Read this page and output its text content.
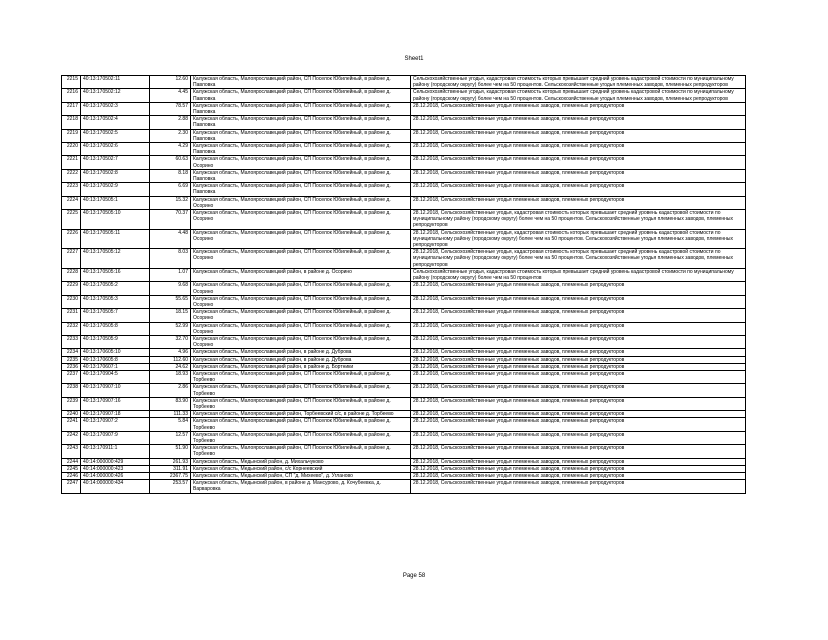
Sheet1
2215	40:13:170502:11	12.60	Калужская область, Малоярославецкий район, СП Поселок Юбилейный, в районе д. Павловка	Сельскохозяйственные угодья, кадастровая стоимость которых превышает средний уровень кадастровой стоимости по муниципальному району (городскому округу) более чем на 50 процентов. Сельскохозяйственные угодья племенных заводов, племенных репродукторов
2216	40:13:170502:12	4.45	Калужская область, Малоярославецкий район, СП Поселок Юбилейный, в районе д. Павловка	Сельскохозяйственные угодья, кадастровая стоимость которых превышает средний уровень кадастровой стоимости по муниципальному району (городскому округу) более чем на 50 процентов. Сельскохозяйственные угодья племенных заводов, племенных репродукторов
2217	40:13:170502:3	78.57	Калужская область, Малоярославецкий район, СП Поселок Юбилейный, в районе д. Павловка	28.12.2018, Сельскохозяйственные угодья племенных заводов, племенных репродукторов
2218	40:13:170502:4	2.88	Калужская область, Малоярославецкий район, СП Поселок Юбилейный, в районе д. Павловка	28.12.2018, Сельскохозяйственные угодья племенных заводов, племенных репродукторов
2219	40:13:170502:5	2.30	Калужская область, Малоярославецкий район, СП Поселок Юбилейный, в районе д. Павловка	28.12.2018, Сельскохозяйственные угодья племенных заводов, племенных репродукторов
2220	40:13:170502:6	4.29	Калужская область, Малоярославецкий район, СП Поселок Юбилейный, в районе д. Павловка	28.12.2018, Сельскохозяйственные угодья племенных заводов, племенных репродукторов
2221	40:13:170502:7	60.63	Калужская область, Малоярославецкий район, СП Поселок Юбилейный, в районе д. Осорино	28.12.2018, Сельскохозяйственные угодья племенных заводов, племенных репродукторов
2222	40:13:170502:8	8.18	Калужская область, Малоярославецкий район, СП Поселок Юбилейный, в районе д. Павловка	28.12.2018, Сельскохозяйственные угодья племенных заводов, племенных репродукторов
2223	40:13:170502:9	6.69	Калужская область, Малоярославецкий район, СП Поселок Юбилейный, в районе д. Павловка	28.12.2018, Сельскохозяйственные угодья племенных заводов, племенных репродукторов
2224	40:13:170505:1	15.32	Калужская область, Малоярославецкий район, СП Поселок Юбилейный, в районе д. Осорино	28.12.2018, Сельскохозяйственные угодья племенных заводов, племенных репродукторов
2225	40:13:170505:10	70.37	Калужская область, Малоярославецкий район, СП Поселок Юбилейный, в районе д. Осорино	28.12.2018, Сельскохозяйственные угодья, кадастровая стоимость которых превышает средний уровень кадастровой стоимости по муниципальному району (городскому округу) более чем на 50 процентов. Сельскохозяйственные угодья племенных заводов, племенных репродукторов
2226	40:13:170505:11	4.48	Калужская область, Малоярославецкий район, СП Поселок Юбилейный, в районе д. Осорино	28.12.2018, Сельскохозяйственные угодья, кадастровая стоимость которых превышает средний уровень кадастровой стоимости по муниципальному району (городскому округу) более чем на 50 процентов. Сельскохозяйственные угодья племенных заводов, племенных репродукторов
2227	40:13:170505:12	8.03	Калужская область, Малоярославецкий район, СП Поселок Юбилейный, в районе д. Осорино	28.12.2018, Сельскохозяйственные угодья, кадастровая стоимость которых превышает средний уровень кадастровой стоимости по муниципальному району (городскому округу) более чем на 50 процентов. Сельскохозяйственные угодья племенных заводов, племенных репродукторов
2228	40:13:170505:16	1.07	Калужская область, Малоярославецкий район, в районе д. Осорино	Сельскохозяйственные угодья, кадастровая стоимость которых превышает средний уровень кадастровой стоимости по муниципальному району (городскому округу) более чем на 50 процентов
2229	40:13:170505:2	9.68	Калужская область, Малоярославецкий район, СП Поселок Юбилейный, в районе д. Осорино	28.12.2018, Сельскохозяйственные угодья племенных заводов, племенных репродукторов
2230	40:13:170505:3	55.65	Калужская область, Малоярославецкий район, СП Поселок Юбилейный, в районе д. Осорино	28.12.2018, Сельскохозяйственные угодья племенных заводов, племенных репродукторов
2231	40:13:170505:7	18.15	Калужская область, Малоярославецкий район, СП Поселок Юбилейный, в районе д. Осорино	28.12.2018, Сельскохозяйственные угодья племенных заводов, племенных репродукторов
2232	40:13:170505:8	52.99	Калужская область, Малоярославецкий район, СП Поселок Юбилейный, в районе д. Осорино	28.12.2018, Сельскохозяйственные угодья племенных заводов, племенных репродукторов
2233	40:13:170505:9	32.70	Калужская область, Малоярославецкий район, СП Поселок Юбилейный, в районе д. Осорино	28.12.2018, Сельскохозяйственные угодья племенных заводов, племенных репродукторов
2234	40:13:170605:10	4.96	Калужская область, Малоярославецкий район, в районе д. Дуброва	28.12.2018, Сельскохозяйственные угодья племенных заводов, племенных репродукторов
2235	40:13:170605:8	112.60	Калужская область, Малоярославецкий район, в районе д. Дуброва	28.12.2018, Сельскохозяйственные угодья племенных заводов, племенных репродукторов
2236	40:13:170607:1	24.62	Калужская область, Малоярославецкий район, в районе д. Бортники	28.12.2018, Сельскохозяйственные угодья племенных заводов, племенных репродукторов
2237	40:13:170904:5	18.93	Калужская область, Малоярославецкий район, СП Поселок Юбилейный, в районе д. Торбеево	28.12.2018, Сельскохозяйственные угодья племенных заводов, племенных репродукторов
2238	40:13:170907:10	2.86	Калужская область, Малоярославецкий район, СП Поселок Юбилейный, в районе д. Торбеево	28.12.2018, Сельскохозяйственные угодья племенных заводов, племенных репродукторов
2239	40:13:170907:16	83.90	Калужская область, Малоярославецкий район, СП Поселок Юбилейный, в районе д. Торбеево	28.12.2018, Сельскохозяйственные угодья племенных заводов, племенных репродукторов
2240	40:13:170907:18	111.33	Калужская область, Малоярославецкий район, Торбеевский с/с, в районе д. Торбеево	28.12.2018, Сельскохозяйственные угодья племенных заводов, племенных репродукторов
2241	40:13:170907:2	5.84	Калужская область, Малоярославецкий район, СП Поселок Юбилейный, в районе д. Торбеево	28.12.2018, Сельскохозяйственные угодья племенных заводов, племенных репродукторов
2242	40:13:170907:9	12.57	Калужская область, Малоярославецкий район, СП Поселок Юбилейный, в районе д. Торбеево	28.12.2018, Сельскохозяйственные угодья племенных заводов, племенных репродукторов
2243	40:13:170911:1	51.90	Калужская область, Малоярославецкий район, СП Поселок Юбилейный, в районе д. Торбеево	28.12.2018, Сельскохозяйственные угодья племенных заводов, племенных репродукторов
2244	40:14:000000:429	261.93	Калужская область, Медынский район, д. Михальчуково	28.12.2018, Сельскохозяйственные угодья племенных заводов, племенных репродукторов
2245	40:14:000000:423	311.91	Калужская область, Медынский район, с/с Корнеевский	28.12.2018, Сельскохозяйственные угодья племенных заводов, племенных репродукторов
2246	40:14:000000:426	2367.75	Калужская область, Медынский район, СП "д. Михеево", д. Угланово	28.12.2018, Сельскохозяйственные угодья племенных заводов, племенных репродукторов
2247	40:14:000000:434	253.57	Калужская область, Медынский район, в районе д. Мансурово, д. Кочубеевка, д. Варваровка	28.12.2018, Сельскохозяйственные угодья племенных заводов, племенных репродукторов
Page 58
